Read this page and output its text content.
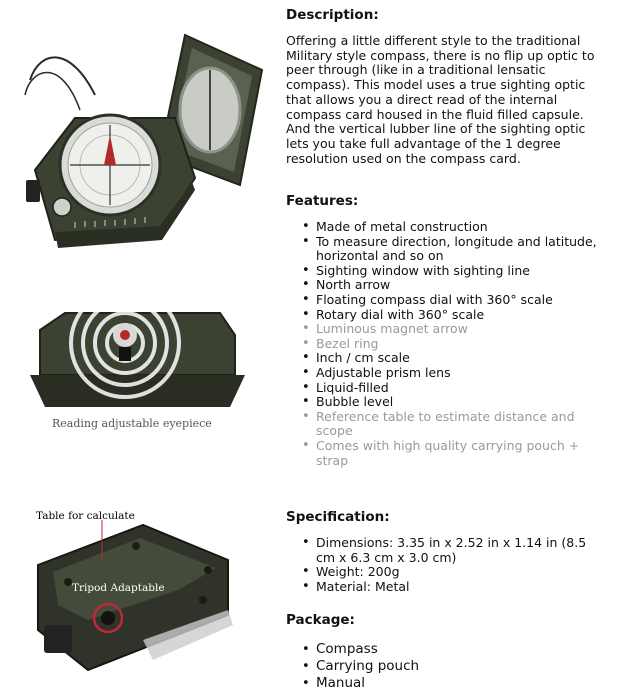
Reading adjustable eyepiece
Table for calculate
Tripod Adaptable
Description:

Offering a little different style to the traditional Military style compass, there is no flip up optic to peer through (like in a traditional lensatic compass). This model uses a true sighting optic that allows you a direct read of the internal compass card housed in the fluid filled capsule. And the vertical lubber line of the sighting optic lets you take full advantage of the 1 degree resolution used on the compass card.

Features:
• Made of metal construction
• To measure direction, longitude and latitude, horizontal and so on
• Sighting window with sighting line
• North arrow
• Floating compass dial with 360° scale
• Rotary dial with 360° scale
• Luminous magnet arrow
• Bezel ring
• Inch / cm scale
• Adjustable prism lens
• Liquid-filled
• Bubble level
• Reference table to estimate distance and scope
• Comes with high quality carrying pouch + strap
Specification:
• Dimensions: 3.35 in x 2.52 in x 1.14 in (8.5 cm x 6.3 cm x 3.0 cm)
• Weight: 200g
• Material: Metal
Package:
• Compass
• Carrying pouch
• Manual
